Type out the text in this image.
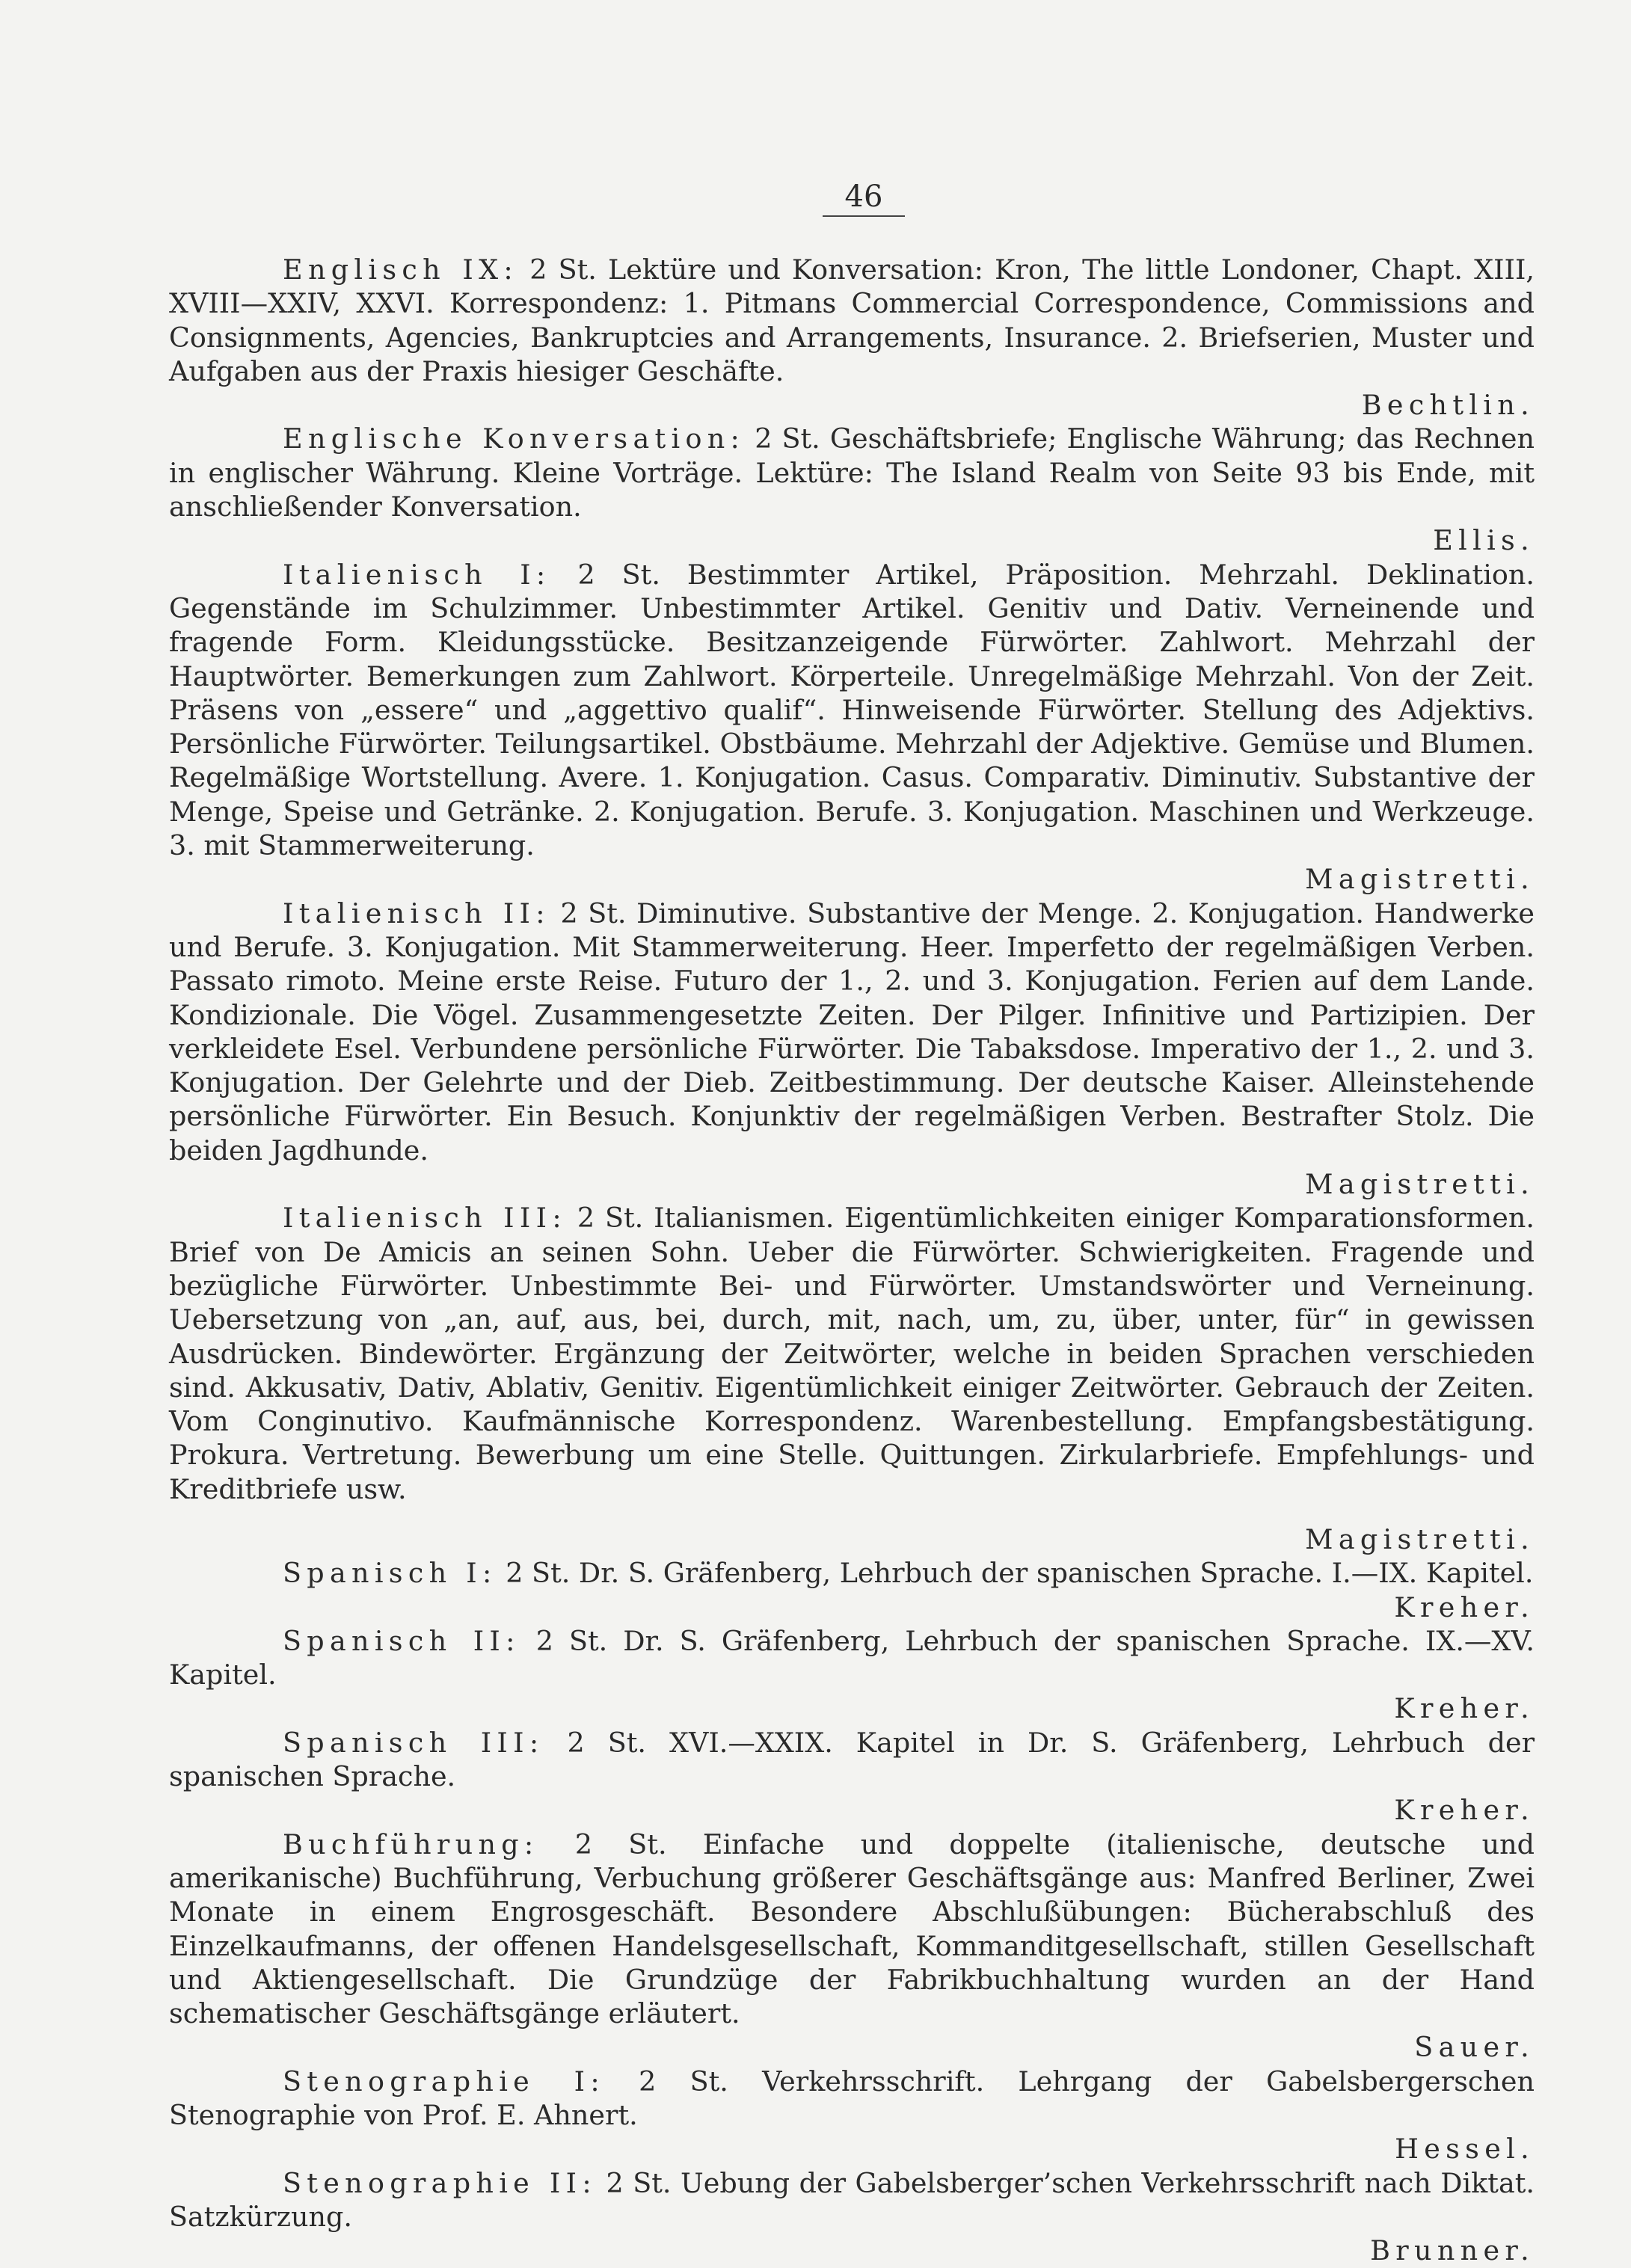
46

Englisch IX: 2 St. Lektüre und Konversation: Kron, The little Londoner, Chapt. XIII, XVIII—XXIV, XXVI. Korrespondenz: 1. Pitmans Commercial Correspondence, Commissions and Consignments, Agencies, Bankruptcies and Arrangements, Insurance. 2. Briefserien, Muster und Aufgaben aus der Praxis hiesiger Geschäfte.

Bechtlin.

Englische Konversation: 2 St. Geschäftsbriefe; Englische Währung; das Rechnen in englischer Währung. Kleine Vorträge. Lektüre: The Island Realm von Seite 93 bis Ende, mit anschließender Konversation.

Ellis.

Italienisch I: 2 St. Bestimmter Artikel, Präposition. Mehrzahl. Deklination. Gegenstände im Schulzimmer. Unbestimmter Artikel. Genitiv und Dativ. Verneinende und fragende Form. Kleidungsstücke. Besitzanzeigende Fürwörter. Zahlwort. Mehrzahl der Hauptwörter. Bemerkungen zum Zahlwort. Körperteile. Unregelmäßige Mehrzahl. Von der Zeit. Präsens von „essere“ und „aggettivo qualif“. Hinweisende Fürwörter. Stellung des Adjektivs. Persönliche Fürwörter. Teilungsartikel. Obstbäume. Mehrzahl der Adjektive. Gemüse und Blumen. Regelmäßige Wortstellung. Avere. 1. Konjugation. Casus. Comparativ. Diminutiv. Substantive der Menge, Speise und Getränke. 2. Konjugation. Berufe. 3. Konjugation. Maschinen und Werkzeuge. 3. mit Stammerweiterung.

Magistretti.

Italienisch II: 2 St. Diminutive. Substantive der Menge. 2. Konjugation. Handwerke und Berufe. 3. Konjugation. Mit Stammerweiterung. Heer. Imperfetto der regelmäßigen Verben. Passato rimoto. Meine erste Reise. Futuro der 1., 2. und 3. Konjugation. Ferien auf dem Lande. Kondizionale. Die Vögel. Zusammengesetzte Zeiten. Der Pilger. Infinitive und Partizipien. Der verkleidete Esel. Verbundene persönliche Fürwörter. Die Tabaksdose. Imperativo der 1., 2. und 3. Konjugation. Der Gelehrte und der Dieb. Zeitbestimmung. Der deutsche Kaiser. Alleinstehende persönliche Fürwörter. Ein Besuch. Konjunktiv der regelmäßigen Verben. Bestrafter Stolz. Die beiden Jagdhunde.

Magistretti.

Italienisch III: 2 St. Italianismen. Eigentümlichkeiten einiger Komparationsformen. Brief von De Amicis an seinen Sohn. Ueber die Fürwörter. Schwierigkeiten. Fragende und bezügliche Fürwörter. Unbestimmte Bei- und Fürwörter. Umstandswörter und Verneinung. Uebersetzung von „an, auf, aus, bei, durch, mit, nach, um, zu, über, unter, für“ in gewissen Ausdrücken. Bindewörter. Ergänzung der Zeitwörter, welche in beiden Sprachen verschieden sind. Akkusativ, Dativ, Ablativ, Genitiv. Eigentümlichkeit einiger Zeitwörter. Gebrauch der Zeiten. Vom Conginutivo. Kaufmännische Korrespondenz. Warenbestellung. Empfangsbestätigung. Prokura. Vertretung. Bewerbung um eine Stelle. Quittungen. Zirkularbriefe. Empfehlungs- und Kreditbriefe usw.

Magistretti.

Spanisch I: 2 St. Dr. S. Gräfenberg, Lehrbuch der spanischen Sprache. I.—IX. Kapitel.

Kreher.

Spanisch II: 2 St. Dr. S. Gräfenberg, Lehrbuch der spanischen Sprache. IX.—XV. Kapitel.

Kreher.

Spanisch III: 2 St. XVI.—XXIX. Kapitel in Dr. S. Gräfenberg, Lehrbuch der spanischen Sprache.

Kreher.

Buchführung: 2 St. Einfache und doppelte (italienische, deutsche und amerikanische) Buchführung, Verbuchung größerer Geschäftsgänge aus: Manfred Berliner, Zwei Monate in einem Engrosgeschäft. Besondere Abschlußübungen: Bücherabschluß des Einzelkaufmanns, der offenen Handelsgesellschaft, Kommanditgesellschaft, stillen Gesellschaft und Aktiengesellschaft. Die Grundzüge der Fabrikbuchhaltung wurden an der Hand schematischer Geschäftsgänge erläutert.

Sauer.

Stenographie I: 2 St. Verkehrsschrift. Lehrgang der Gabelsbergerschen Stenographie von Prof. E. Ahnert.

Hessel.

Stenographie II: 2 St. Uebung der Gabelsberger’schen Verkehrsschrift nach Diktat. Satzkürzung.

Brunner.
